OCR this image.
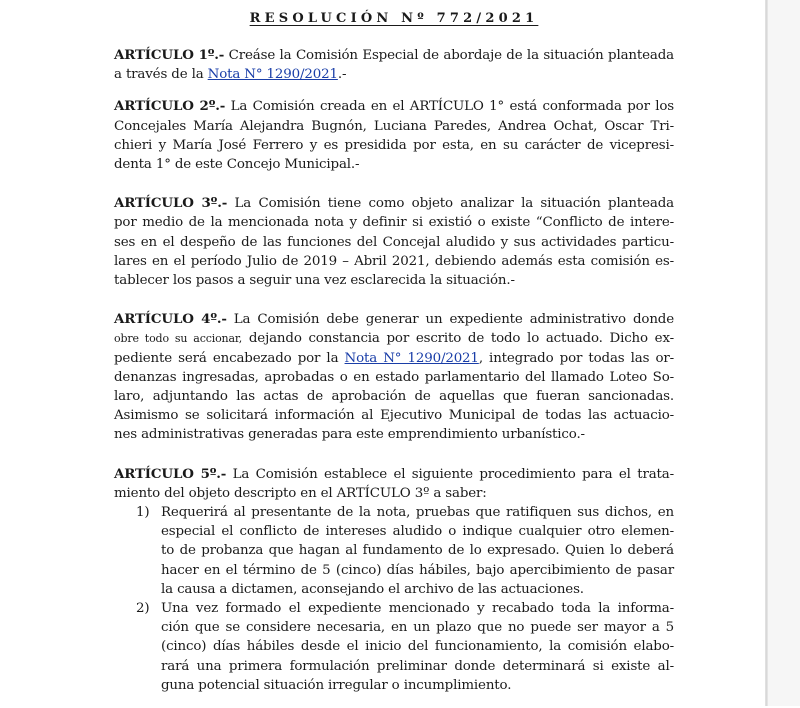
RESOLUCIÓN Nº 772/2021
ARTÍCULO 1º.- Creáse la Comisión Especial de abordaje de la situación planteada
a través de la Nota N° 1290/2021.-
ARTÍCULO 2º.- La Comisión creada en el ARTÍCULO 1° está conformada por los
Concejales María Alejandra Bugnón, Luciana Paredes, Andrea Ochat, Oscar Tri-
chieri y María José Ferrero y es presidida por esta, en su carácter de vicepresi-
denta 1° de este Concejo Municipal.-
ARTÍCULO 3º.- La Comisión tiene como objeto analizar la situación planteada
por medio de la mencionada nota y definir si existió o existe “Conflicto de intere-
ses en el despeño de las funciones del Concejal aludido y sus actividades particu-
lares en el período Julio de 2019 – Abril 2021, debiendo además esta comisión es-
tablecer los pasos a seguir una vez esclarecida la situación.-
ARTÍCULO 4º.- La Comisión debe generar un expediente administrativo donde
obre todo su accionar, dejando constancia por escrito de todo lo actuado. Dicho ex-
pediente será encabezado por la Nota N° 1290/2021, integrado por todas las or-
denanzas ingresadas, aprobadas o en estado parlamentario del llamado Loteo So-
laro, adjuntando las actas de aprobación de aquellas que fueran sancionadas.
Asimismo se solicitará información al Ejecutivo Municipal de todas las actuacio-
nes administrativas generadas para este emprendimiento urbanístico.-
ARTÍCULO 5º.- La Comisión establece el siguiente procedimiento para el trata-
miento del objeto descripto en el ARTÍCULO 3º a saber:
1) Requerirá al presentante de la nota, pruebas que ratifiquen sus dichos, en
especial el conflicto de intereses aludido o indique cualquier otro elemen-
to de probanza que hagan al fundamento de lo expresado. Quien lo deberá
hacer en el término de 5 (cinco) días hábiles, bajo apercibimiento de pasar
la causa a dictamen, aconsejando el archivo de las actuaciones.
2) Una vez formado el expediente mencionado y recabado toda la informa-
ción que se considere necesaria, en un plazo que no puede ser mayor a 5
(cinco) días hábiles desde el inicio del funcionamiento, la comisión elabo-
rará una primera formulación preliminar donde determinará si existe al-
guna potencial situación irregular o incumplimiento.
